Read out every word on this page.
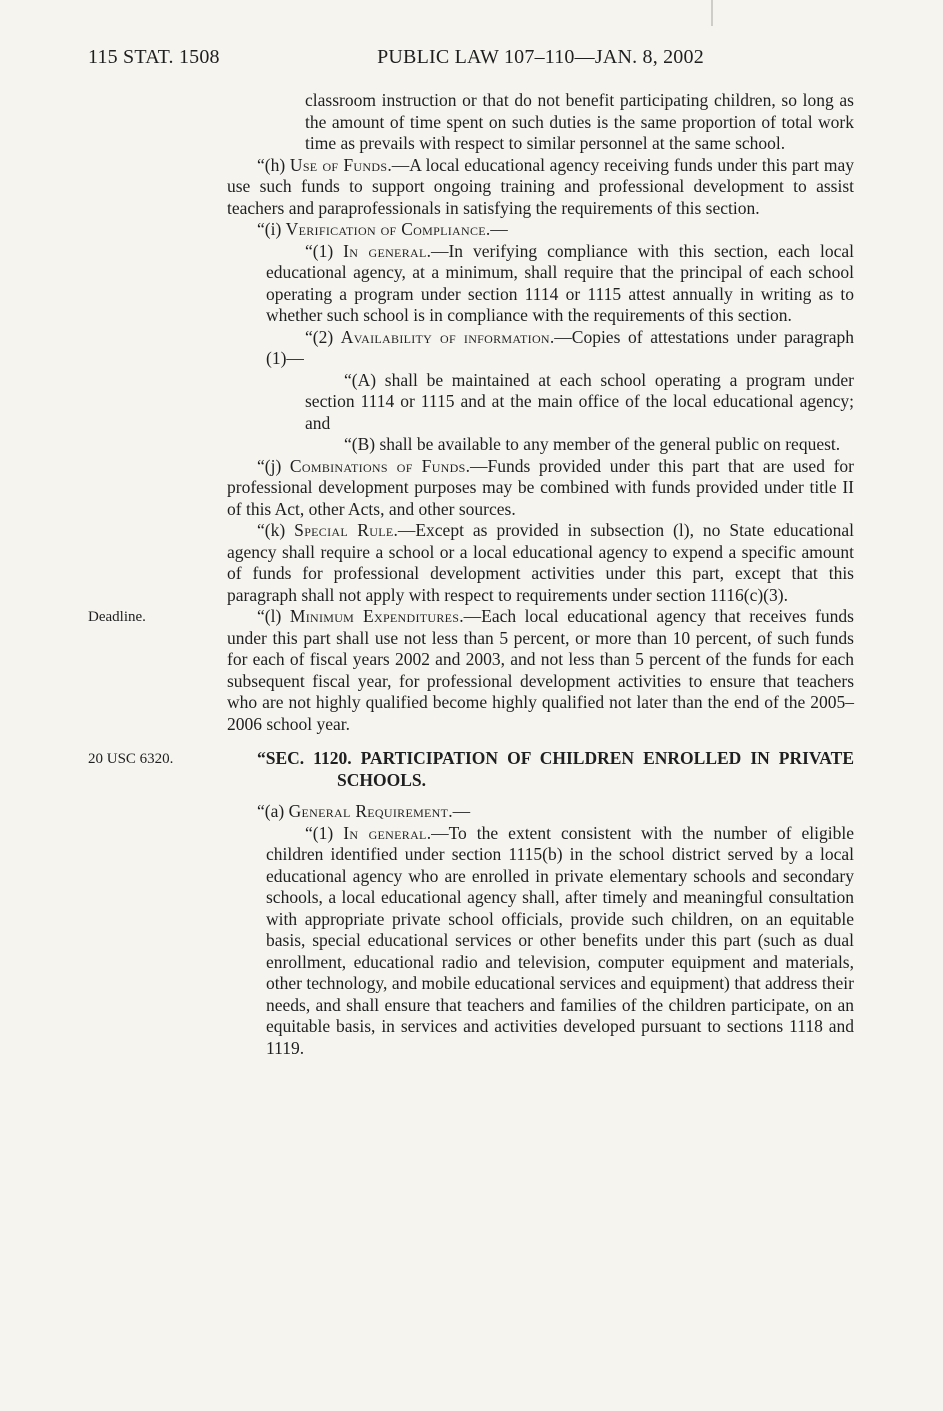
115 STAT. 1508	PUBLIC LAW 107–110—JAN. 8, 2002

classroom instruction or that do not benefit participating children, so long as the amount of time spent on such duties is the same proportion of total work time as prevails with respect to similar personnel at the same school.

“(h) Use of Funds.—A local educational agency receiving funds under this part may use such funds to support ongoing training and professional development to assist teachers and paraprofessionals in satisfying the requirements of this section.

“(i) Verification of Compliance.—

“(1) In general.—In verifying compliance with this section, each local educational agency, at a minimum, shall require that the principal of each school operating a program under section 1114 or 1115 attest annually in writing as to whether such school is in compliance with the requirements of this section.

“(2) Availability of information.—Copies of attestations under paragraph (1)—

“(A) shall be maintained at each school operating a program under section 1114 or 1115 and at the main office of the local educational agency; and

“(B) shall be available to any member of the general public on request.

“(j) Combinations of Funds.—Funds provided under this part that are used for professional development purposes may be combined with funds provided under title II of this Act, other Acts, and other sources.

“(k) Special Rule.—Except as provided in subsection (l), no State educational agency shall require a school or a local educational agency to expend a specific amount of funds for professional development activities under this part, except that this paragraph shall not apply with respect to requirements under section 1116(c)(3).

Deadline.	“(l) Minimum Expenditures.—Each local educational agency that receives funds under this part shall use not less than 5 percent, or more than 10 percent, of such funds for each of fiscal years 2002 and 2003, and not less than 5 percent of the funds for each subsequent fiscal year, for professional development activities to ensure that teachers who are not highly qualified become highly qualified not later than the end of the 2005–2006 school year.

20 USC 6320.	“SEC. 1120. PARTICIPATION OF CHILDREN ENROLLED IN PRIVATE SCHOOLS.

“(a) General Requirement.—

“(1) In general.—To the extent consistent with the number of eligible children identified under section 1115(b) in the school district served by a local educational agency who are enrolled in private elementary schools and secondary schools, a local educational agency shall, after timely and meaningful consultation with appropriate private school officials, provide such children, on an equitable basis, special educational services or other benefits under this part (such as dual enrollment, educational radio and television, computer equipment and materials, other technology, and mobile educational services and equipment) that address their needs, and shall ensure that teachers and families of the children participate, on an equitable basis, in services and activities developed pursuant to sections 1118 and 1119.
